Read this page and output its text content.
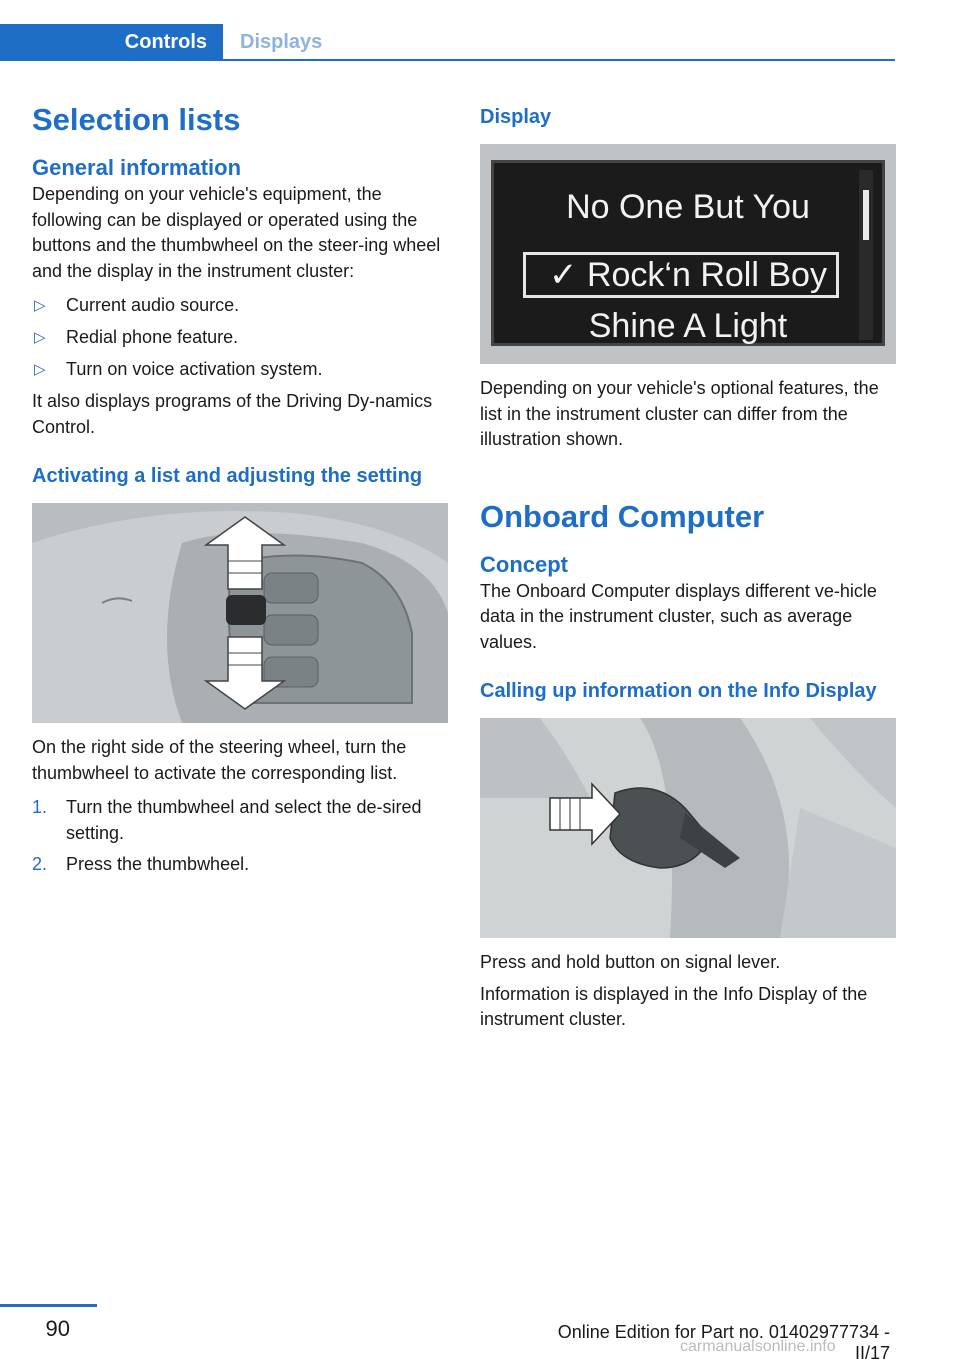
Controls	Displays
Selection lists
General information

Depending on your vehicle's equipment, the following can be displayed or operated using the buttons and the thumbwheel on the steer‐ing wheel and the display in the instrument cluster:

▷ Current audio source.
▷ Redial phone feature.
▷ Turn on voice activation system.

It also displays programs of the Driving Dy‐namics Control.

Activating a list and adjusting the setting

On the right side of the steering wheel, turn the thumbwheel to activate the corresponding list.

1. Turn the thumbwheel and select the de‐sired setting.
2. Press the thumbwheel.
Display
No One But You
✓ Rock‘n Roll Boy
Shine A Light

Depending on your vehicle's optional features, the list in the instrument cluster can differ from the illustration shown.

Onboard Computer
Concept

The Onboard Computer displays different ve‐hicle data in the instrument cluster, such as average values.

Calling up information on the Info Display

Press and hold button on signal lever.

Information is displayed in the Info Display of the instrument cluster.

90	Online Edition for Part no. 01402977734 - II/17
carmanualsonline.info
